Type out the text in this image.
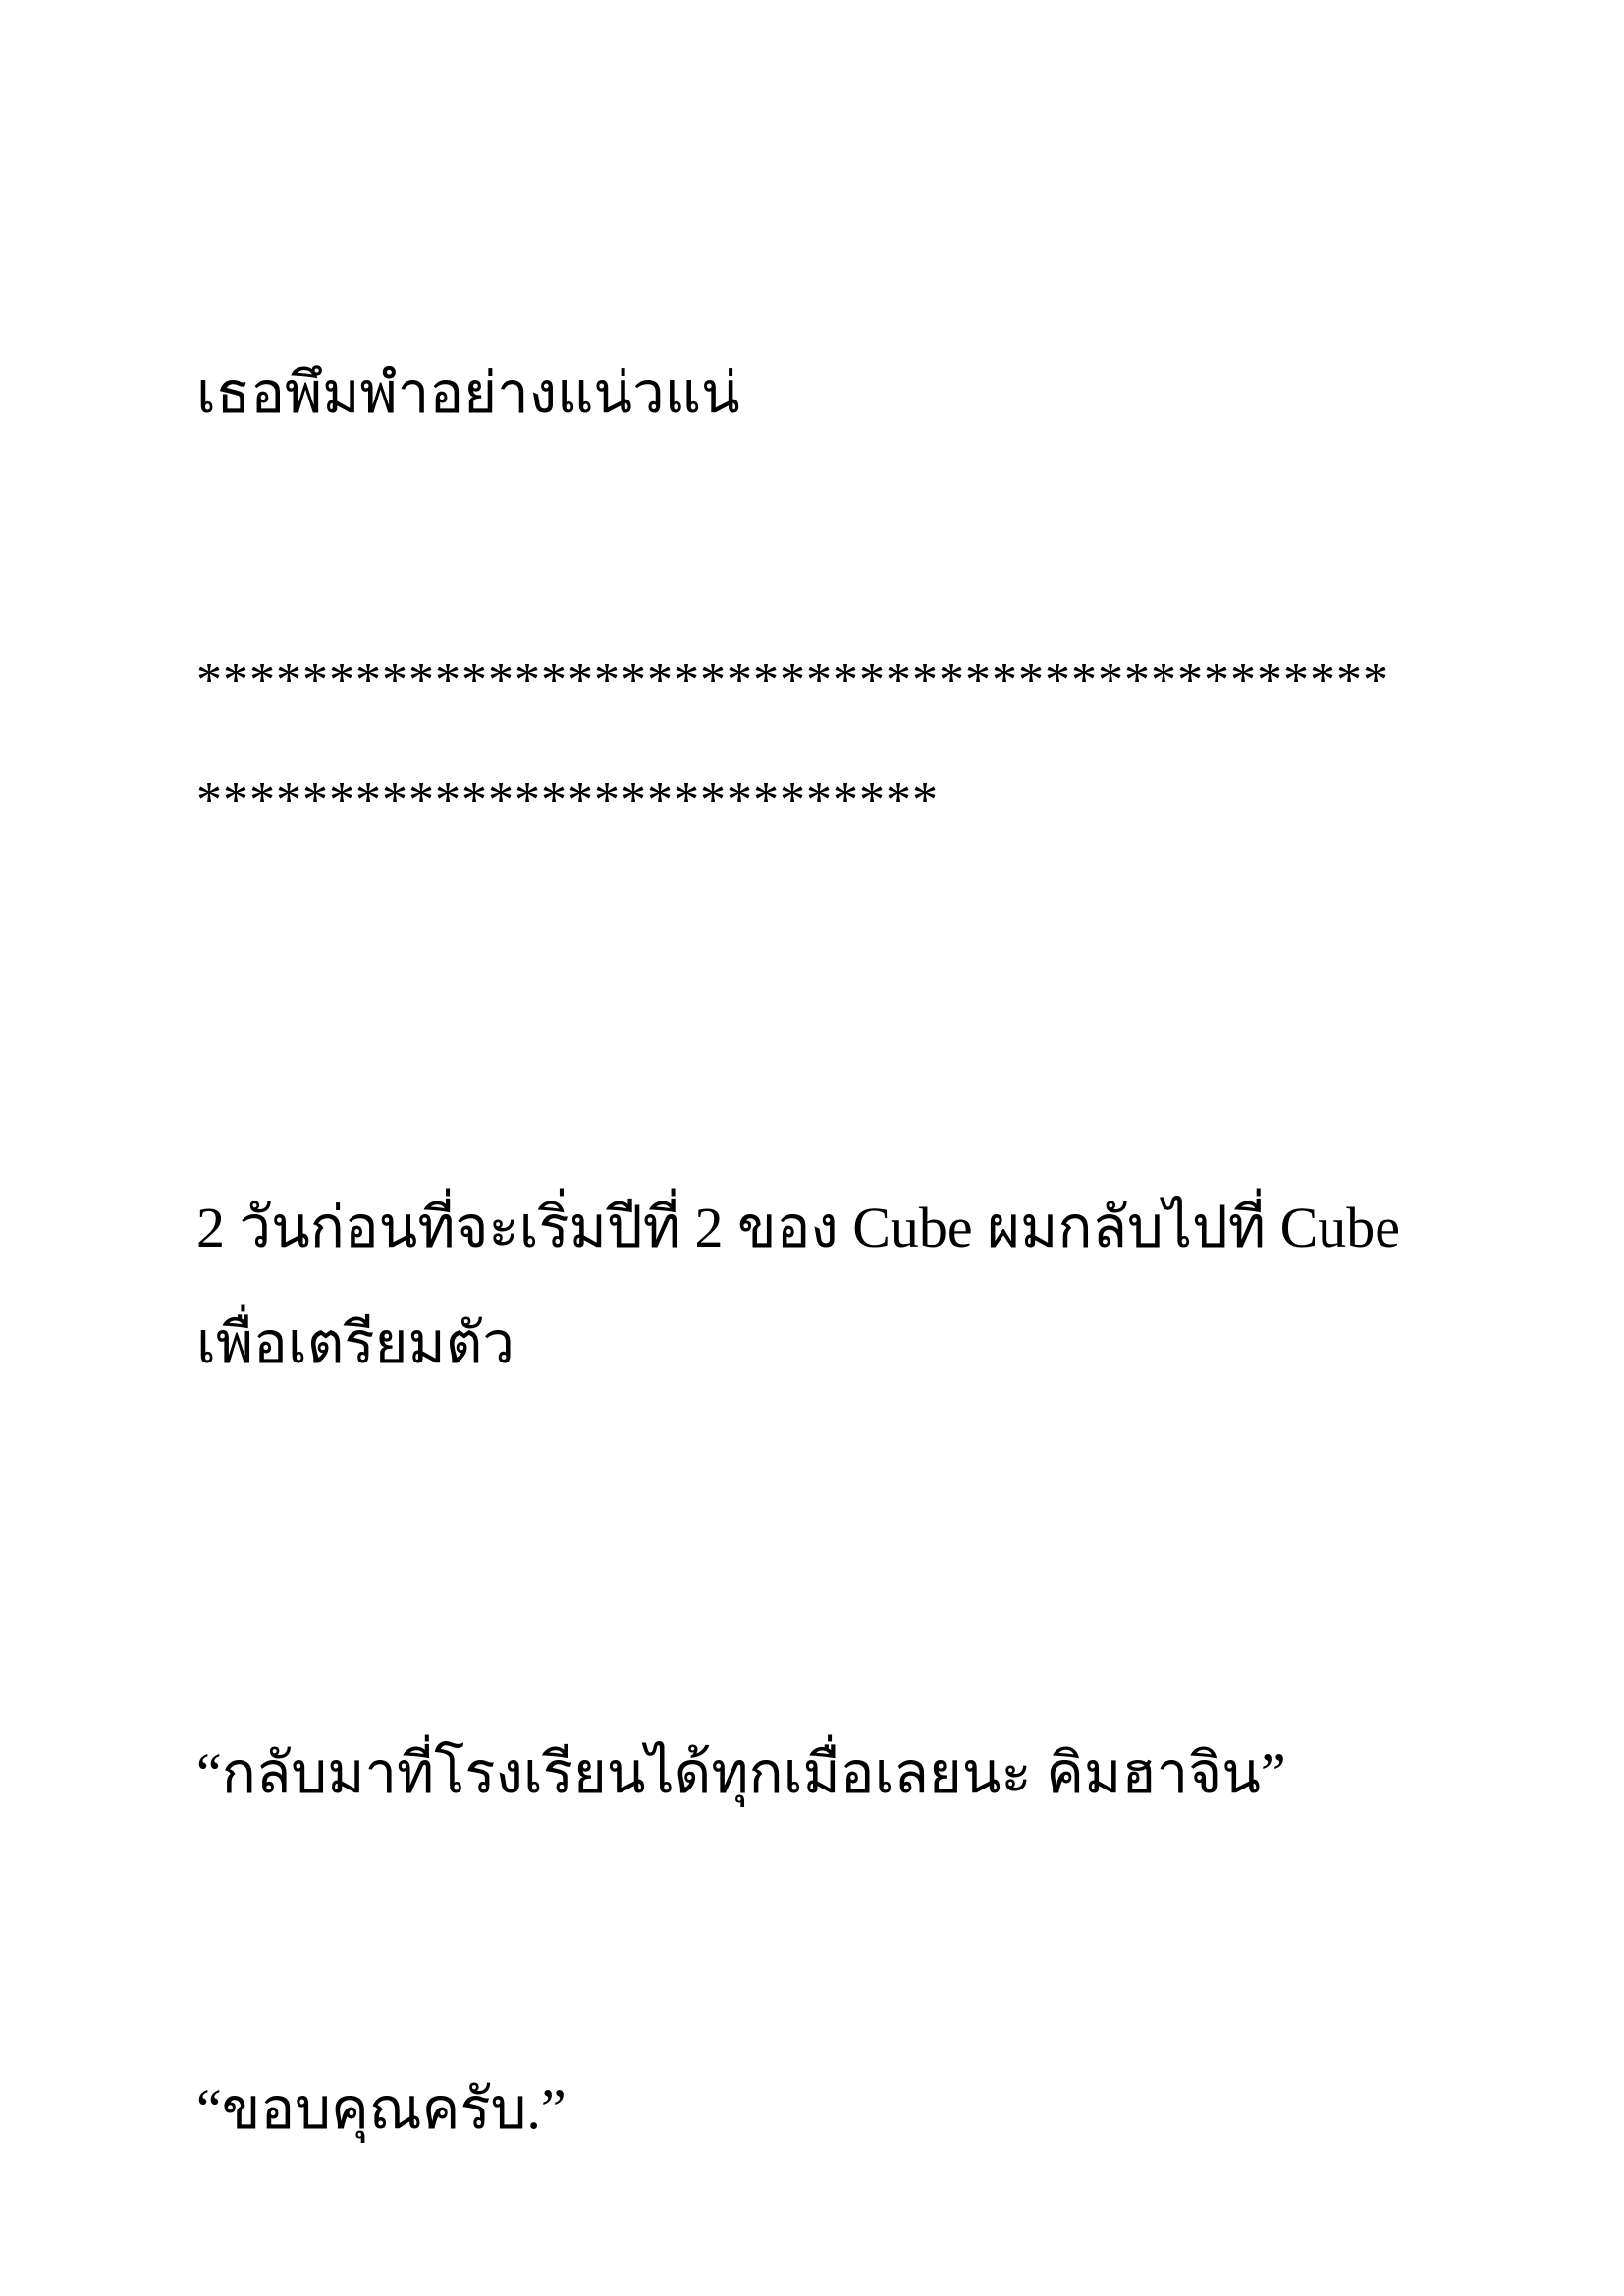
เธอพึมพำอย่างแน่วแน่
*********************************************
****************************
2 วันก่อนที่จะเริ่มปีที่ 2 ของ Cube ผมกลับไปที่ Cube
เพื่อเตรียมตัว
“กลับมาที่โรงเรียนได้ทุกเมื่อเลยนะ คิมฮาจิน”
“ขอบคุณครับ.”
